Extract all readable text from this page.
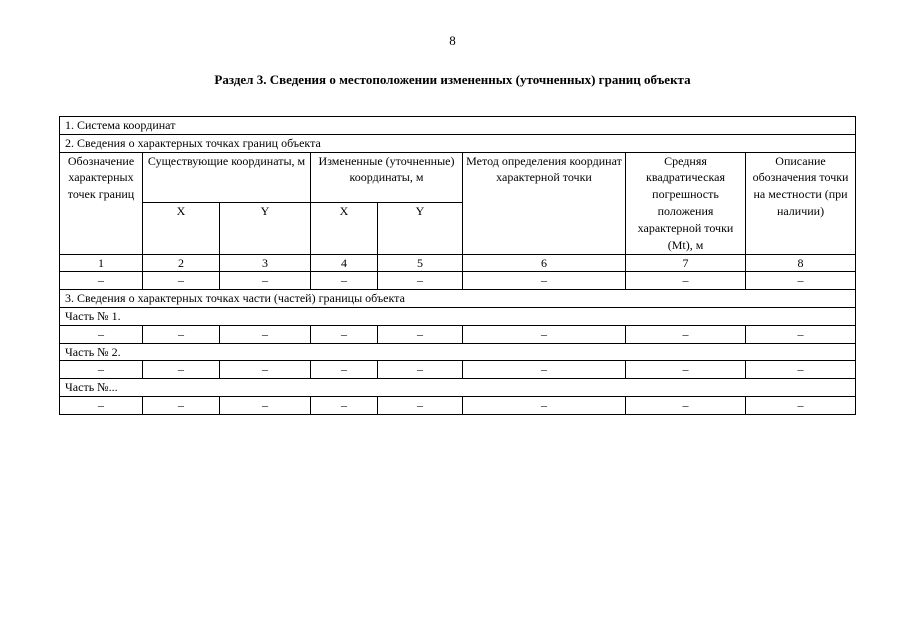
8
Раздел 3. Сведения о местоположении измененных (уточненных) границ объекта
1. Система координат							
2. Сведения о характерных точках границ объекта							
Обозначение характерных точек границ	Существующие координаты, м		Измененные (уточненные) координаты, м		Метод определения координат характерной точки	Средняя квадратическая погрешность положения характерной точки (Mt), м	Описание обозначения точки на местности (при наличии)
	X	Y	X	Y			
1	2	3	4	5	6	7	8
–	–	–	–	–	–	–	–
3. Сведения о характерных точках части (частей) границы объекта							
Часть № 1.							
–	–	–	–	–	–	–	–
Часть № 2.							
–	–	–	–	–	–	–	–
Часть №...							
–	–	–	–	–	–	–	–
